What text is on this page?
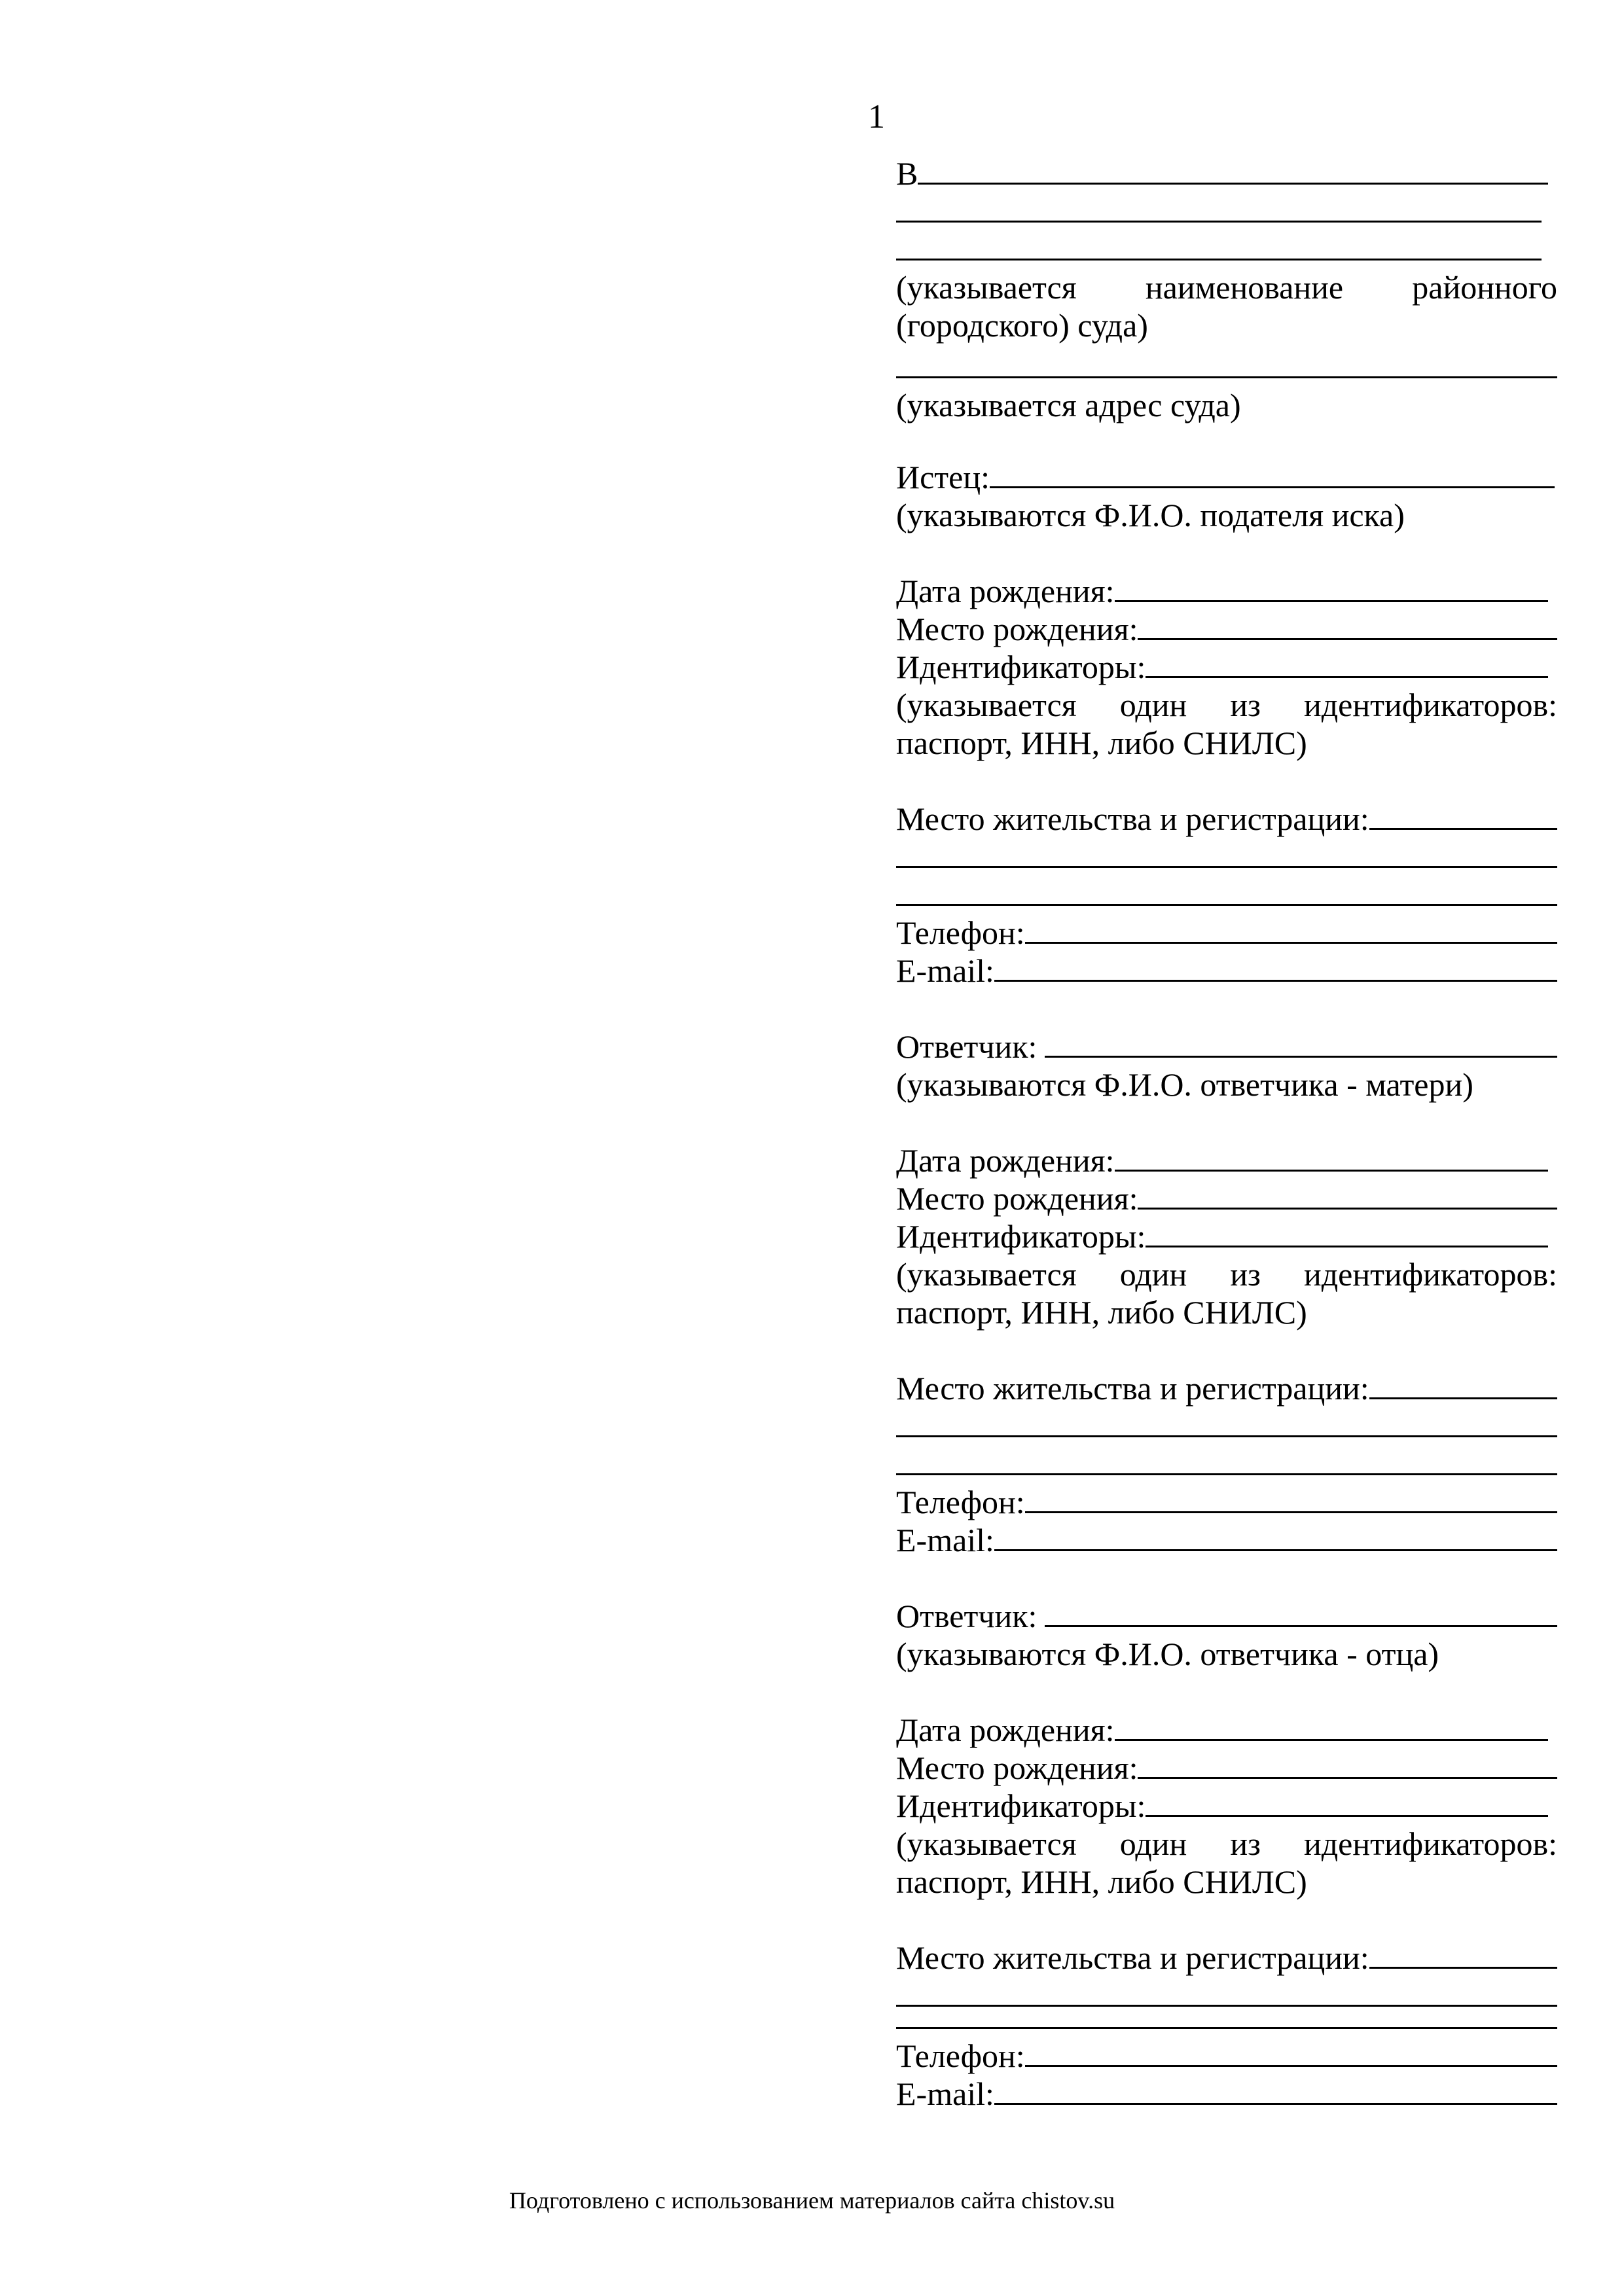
1
В
(указывается наименование районного (городского) суда)
(указывается адрес суда)
Истец:
(указываются Ф.И.О. подателя иска)
Дата рождения:
Место рождения:
Идентификаторы:
(указывается один из идентификаторов: паспорт, ИНН, либо СНИЛС)
Место жительства и регистрации:
Телефон:
E-mail:
Ответчик:
(указываются Ф.И.О. ответчика - матери)
Дата рождения:
Место рождения:
Идентификаторы:
(указывается один из идентификаторов: паспорт, ИНН, либо СНИЛС)
Место жительства и регистрации:
Телефон:
E-mail:
Ответчик:
(указываются Ф.И.О. ответчика - отца)
Дата рождения:
Место рождения:
Идентификаторы:
(указывается один из идентификаторов: паспорт, ИНН, либо СНИЛС)
Место жительства и регистрации:
Телефон:
E-mail:
Подготовлено с использованием материалов сайта chistov.su
